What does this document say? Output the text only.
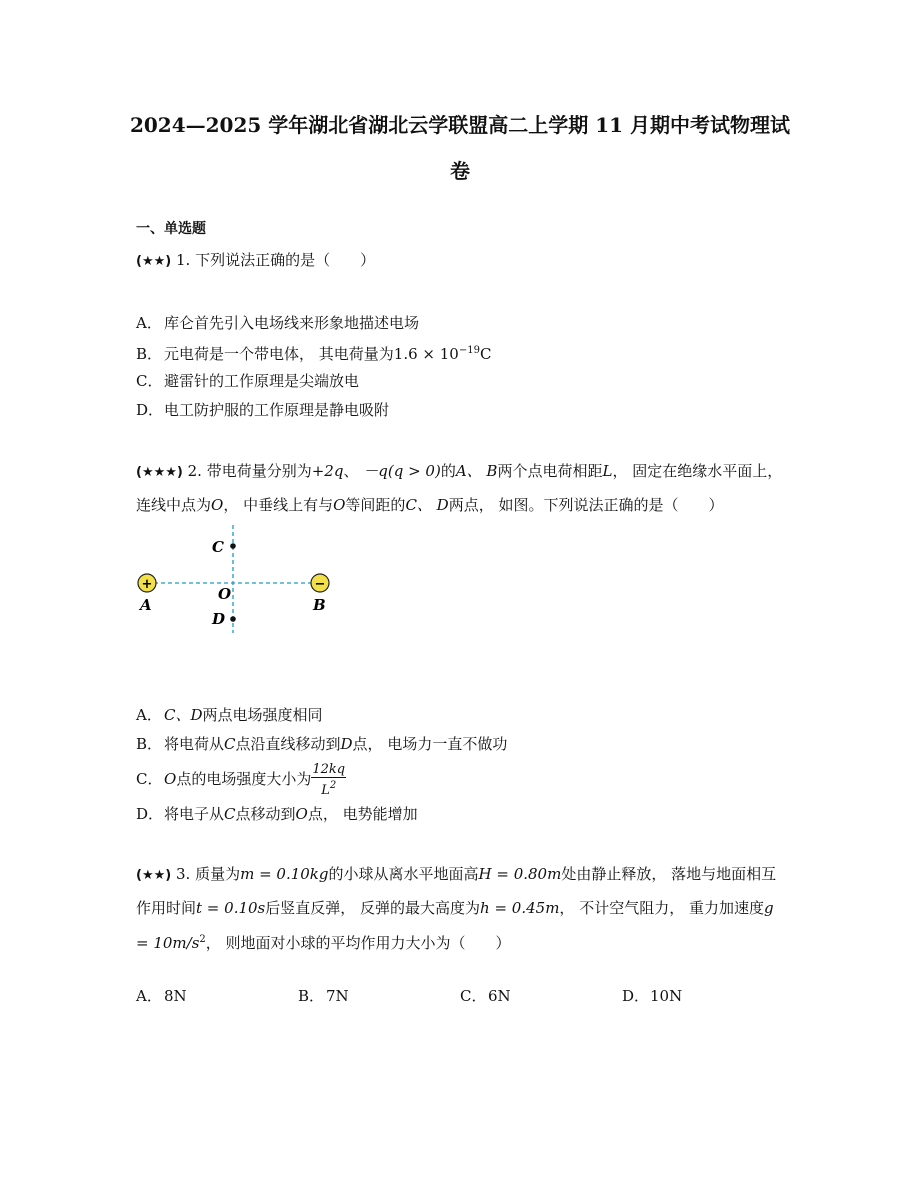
2024—2025 学年湖北省湖北云学联盟高二上学期 11 月期中考试物理试
卷
一、单选题
(★★) 1. 下列说法正确的是（　　）
A． 库仑首先引入电场线来形象地描述电场
B． 元电荷是一个带电体， 其电荷量为$1.6 \times 10^{-19}C$
C． 避雷针的工作原理是尖端放电
D．电工防护服的工作原理是静电吸附
(★★★) 2. 带电荷量分别为+2q、 －q(q > 0)的A、 B两个点电荷相距L， 固定在绝缘水平面上， 连线中点为O， 中垂线上有与O等间距的C、 D两点， 如图。下列说法正确的是（　　）
+	−
C
O
D
A	B
A． C、D两点电场强度相同
B． 将电荷从C点沿直线移动到D点， 电场力一直不做功
C． O点的电场强度大小为 $\frac{12kq}{L^2}$
D．将电子从C点移动到O点， 电势能增加
(★★) 3. 质量为m = 0.10kg的小球从离水平地面高H = 0.80m处由静止释放， 落地与地面相互作用时间t = 0.10s后竖直反弹， 反弹的最大高度为h = 0.45m， 不计空气阻力， 重力加速度$g = 10m/s^2$， 则地面对小球的平均作用力大小为（　　）
A． 8N	B． 7N	C． 6N	D．10N
